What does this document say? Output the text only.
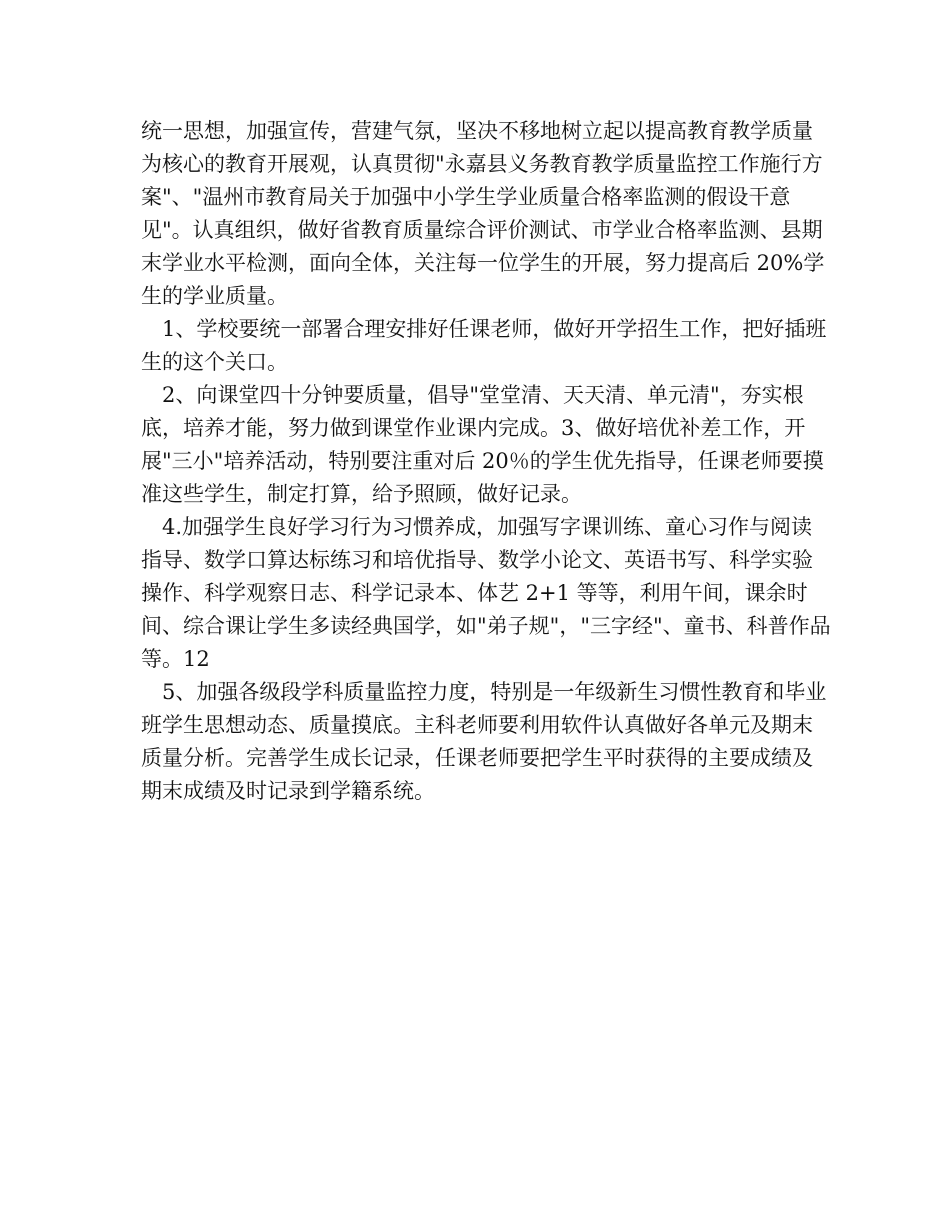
统一思想，加强宣传，营建气氛，坚决不移地树立起以提高教育教学质量为核心的教育开展观，认真贯彻"永嘉县义务教育教学质量监控工作施行方案"、"温州市教育局关于加强中小学生学业质量合格率监测的假设干意见"。认真组织，做好省教育质量综合评价测试、市学业合格率监测、县期末学业水平检测，面向全体，关注每一位学生的开展，努力提高后 20%学生的学业质量。

1、学校要统一部署合理安排好任课老师，做好开学招生工作，把好插班生的这个关口。

2、向课堂四十分钟要质量，倡导"堂堂清、天天清、单元清"，夯实根底，培养才能，努力做到课堂作业课内完成。3、做好培优补差工作，开展"三小"培养活动，特别要注重对后 20％的学生优先指导，任课老师要摸准这些学生，制定打算，给予照顾，做好记录。

4.加强学生良好学习行为习惯养成，加强写字课训练、童心习作与阅读指导、数学口算达标练习和培优指导、数学小论文、英语书写、科学实验操作、科学观察日志、科学记录本、体艺 2+1 等等，利用午间，课余时间、综合课让学生多读经典国学，如"弟子规"，"三字经"、童书、科普作品等。12

5、加强各级段学科质量监控力度，特别是一年级新生习惯性教育和毕业班学生思想动态、质量摸底。主科老师要利用软件认真做好各单元及期末质量分析。完善学生成长记录，任课老师要把学生平时获得的主要成绩及期末成绩及时记录到学籍系统。
